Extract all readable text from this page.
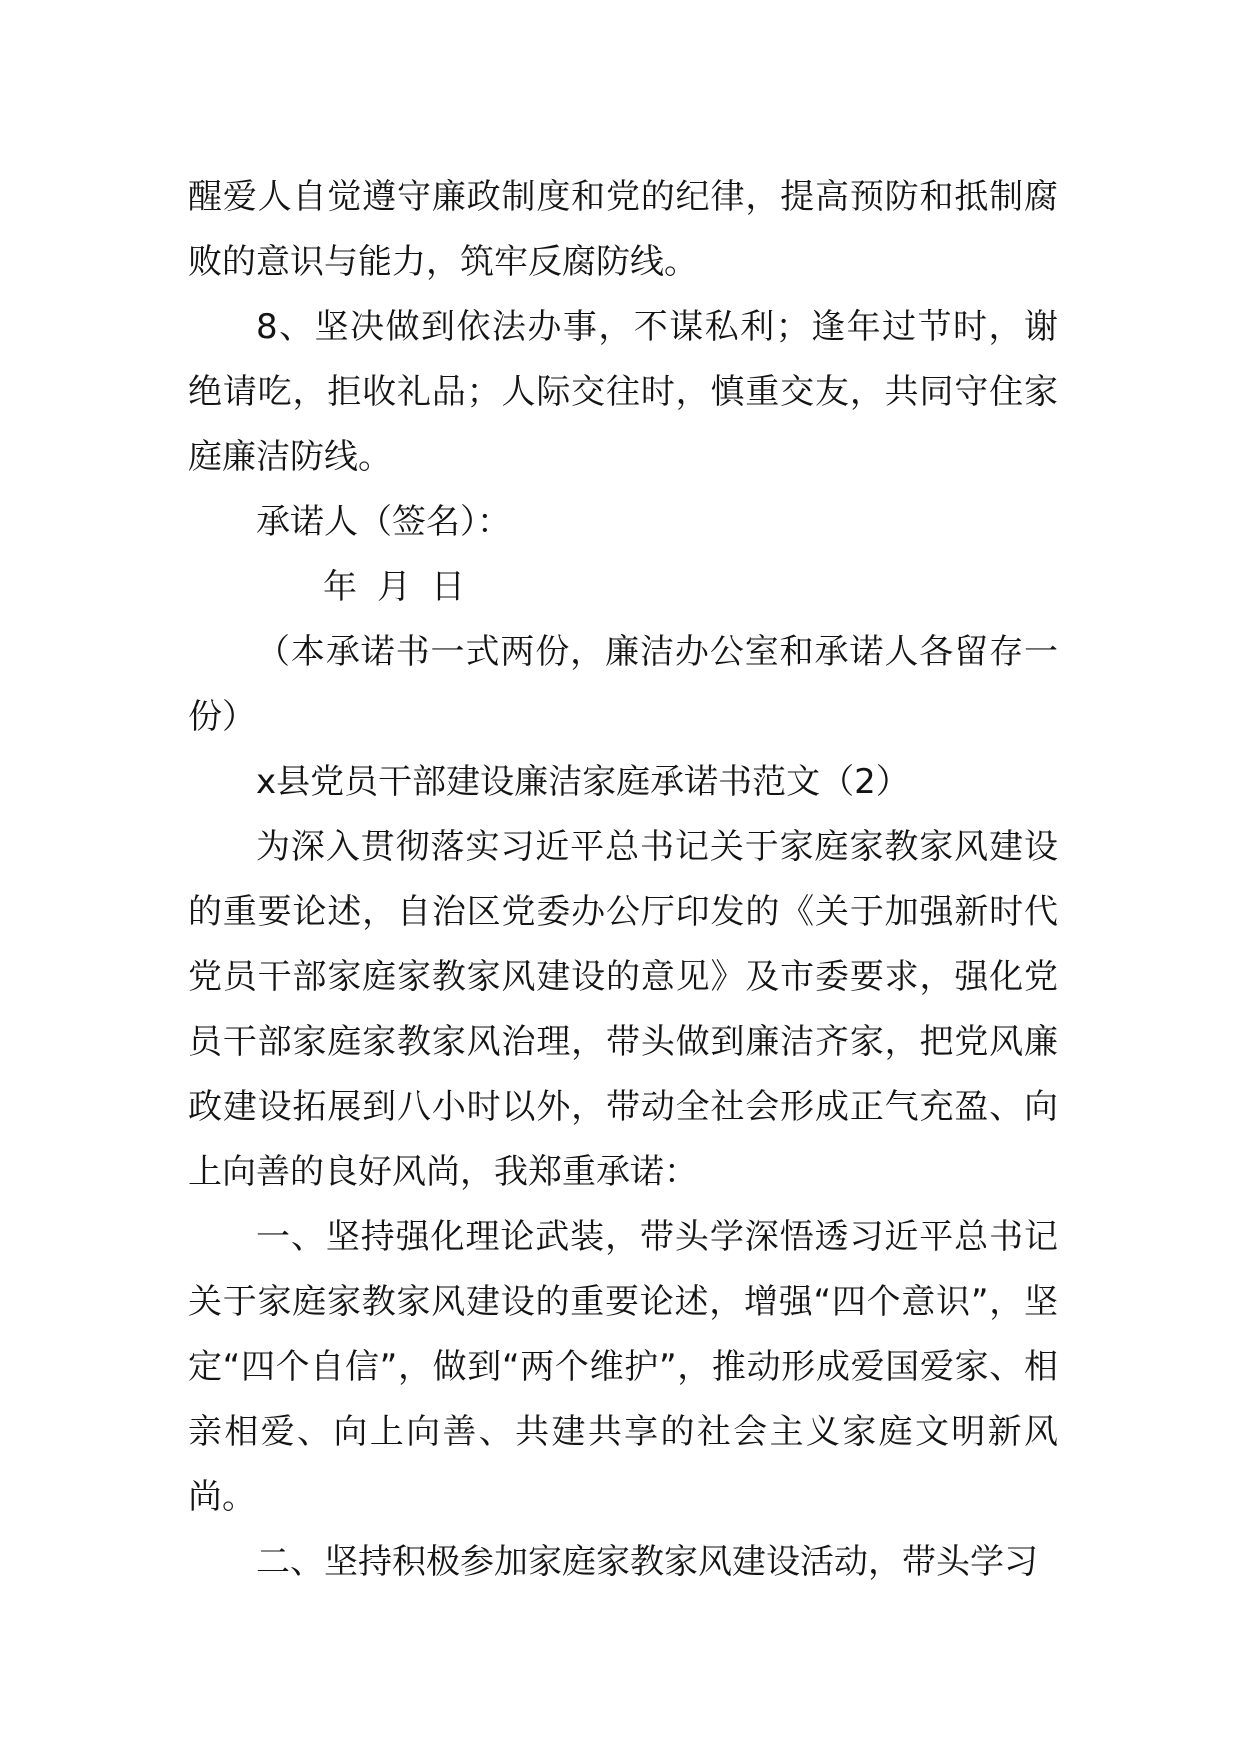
醒爱人自觉遵守廉政制度和党的纪律，提高预防和抵制腐败的意识与能力，筑牢反腐防线。

8、坚决做到依法办事，不谋私利；逢年过节时，谢绝请吃，拒收礼品；人际交往时，慎重交友，共同守住家庭廉洁防线。

承诺人（签名）：

年 月 日

（本承诺书一式两份，廉洁办公室和承诺人各留存一份）

x县党员干部建设廉洁家庭承诺书范文（2）

为深入贯彻落实习近平总书记关于家庭家教家风建设的重要论述，自治区党委办公厅印发的《关于加强新时代党员干部家庭家教家风建设的意见》及市委要求，强化党员干部家庭家教家风治理，带头做到廉洁齐家，把党风廉政建设拓展到八小时以外，带动全社会形成正气充盈、向上向善的良好风尚，我郑重承诺：

一、坚持强化理论武装，带头学深悟透习近平总书记关于家庭家教家风建设的重要论述，增强“四个意识”，坚定“四个自信”，做到“两个维护”，推动形成爱国爱家、相亲相爱、向上向善、共建共享的社会主义家庭文明新风尚。

二、坚持积极参加家庭家教家风建设活动，带头学习
